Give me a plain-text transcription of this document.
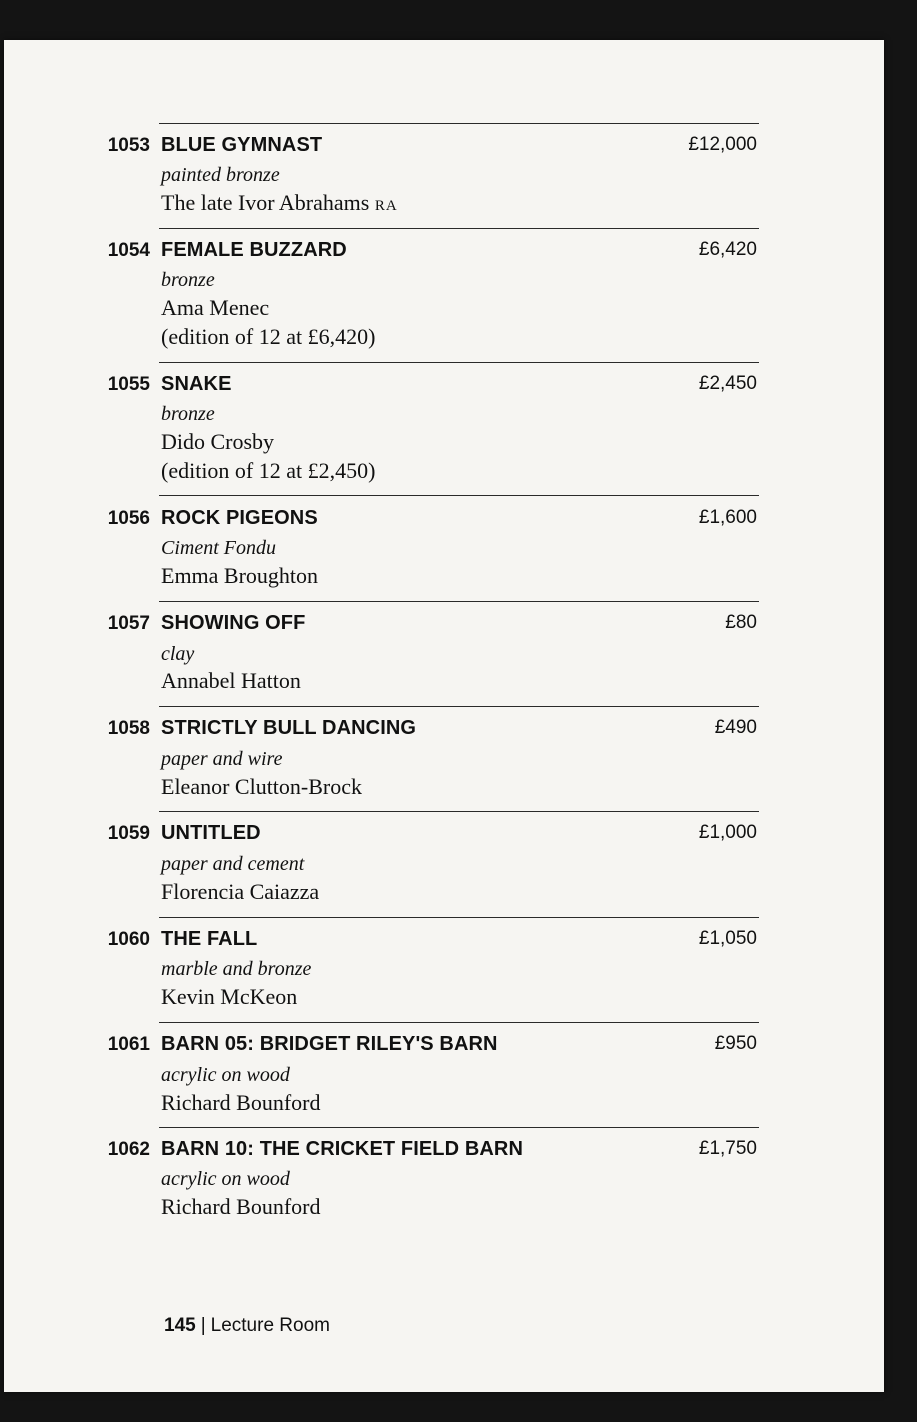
1053 BLUE GYMNAST	£12,000
painted bronze
The late Ivor Abrahams RA
1054 FEMALE BUZZARD	£6,420
bronze
Ama Menec
(edition of 12 at £6,420)
1055 SNAKE	£2,450
bronze
Dido Crosby
(edition of 12 at £2,450)
1056 ROCK PIGEONS	£1,600
Ciment Fondu
Emma Broughton
1057 SHOWING OFF	£80
clay
Annabel Hatton
1058 STRICTLY BULL DANCING	£490
paper and wire
Eleanor Clutton-Brock
1059 UNTITLED	£1,000
paper and cement
Florencia Caiazza
1060 THE FALL	£1,050
marble and bronze
Kevin McKeon
1061 BARN 05: BRIDGET RILEY'S BARN	£950
acrylic on wood
Richard Bounford
1062 BARN 10: THE CRICKET FIELD BARN	£1,750
acrylic on wood
Richard Bounford
145 | Lecture Room
